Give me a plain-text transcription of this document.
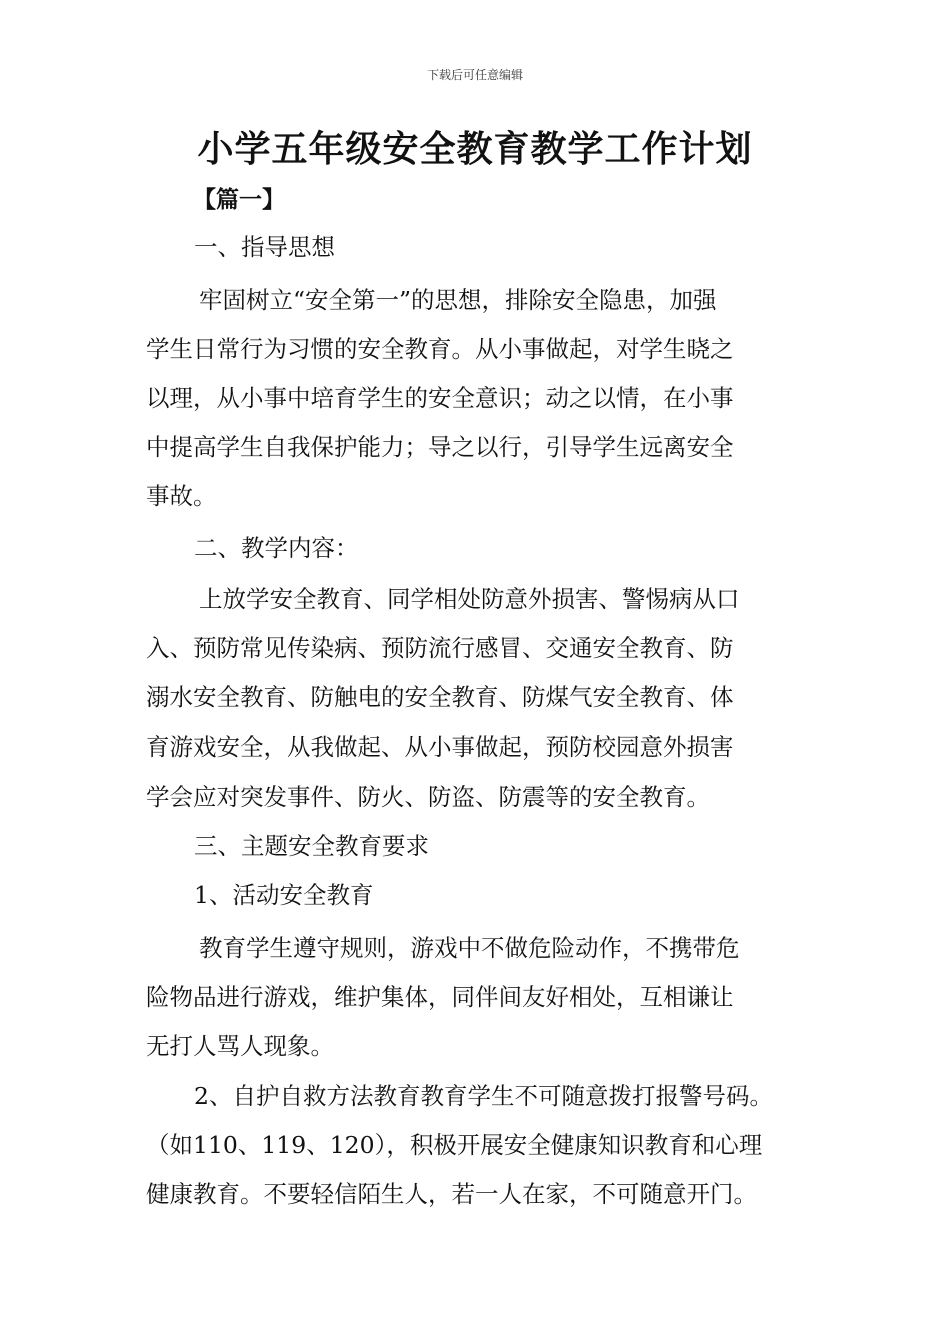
下载后可任意编辑
小学五年级安全教育教学工作计划
【篇一】
一、指导思想
牢固树立“安全第一”的思想，排除安全隐患，加强
学生日常行为习惯的安全教育。从小事做起，对学生晓之
以理，从小事中培育学生的安全意识；动之以情，在小事
中提高学生自我保护能力；导之以行，引导学生远离安全
事故。
二、教学内容：
上放学安全教育、同学相处防意外损害、警惕病从口
入、预防常见传染病、预防流行感冒、交通安全教育、防
溺水安全教育、防触电的安全教育、防煤气安全教育、体
育游戏安全，从我做起、从小事做起，预防校园意外损害
学会应对突发事件、防火、防盗、防震等的安全教育。
三、主题安全教育要求
1、活动安全教育
教育学生遵守规则，游戏中不做危险动作，不携带危
险物品进行游戏，维护集体，同伴间友好相处，互相谦让
无打人骂人现象。
2、自护自救方法教育教育学生不可随意拨打报警号码。
（如110、119、120），积极开展安全健康知识教育和心理
健康教育。不要轻信陌生人，若一人在家，不可随意开门。
